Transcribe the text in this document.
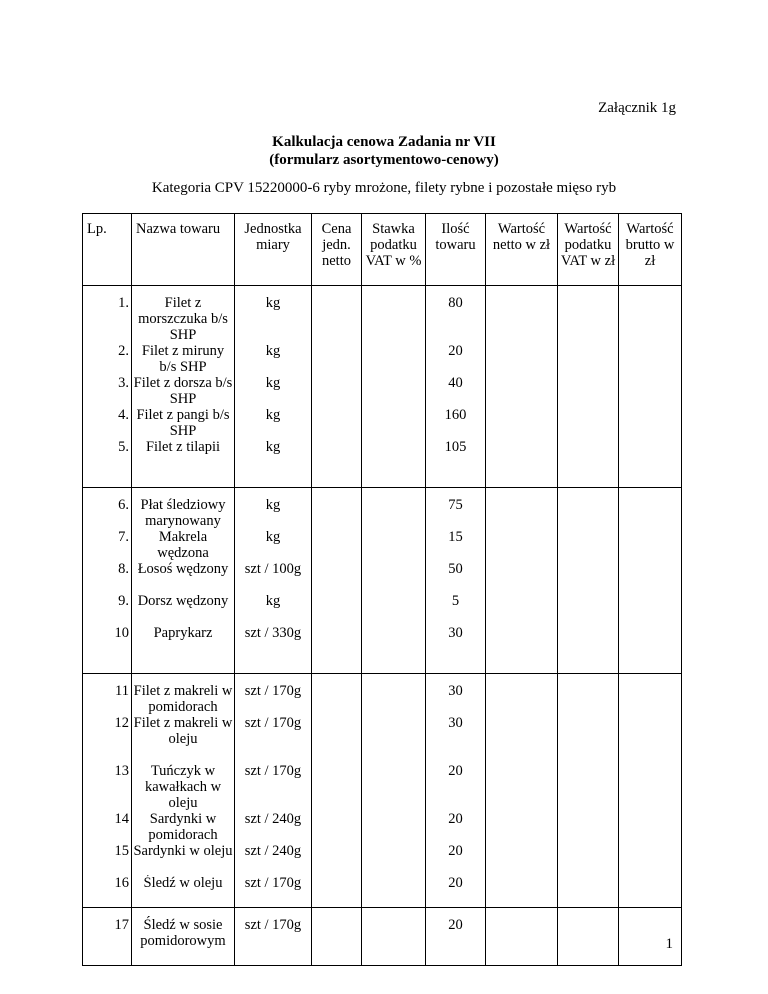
Załącznik 1g
Kalkulacja cenowa Zadania nr VII
(formularz asortymentowo-cenowy)
Kategoria CPV 15220000-6 ryby mrożone, filety rybne i pozostałe mięso ryb
Lp.	Nazwa towaru	Jednostka miary	Cena jedn. netto	Stawka podatku VAT w %	Ilość towaru	Wartość netto w zł	Wartość podatku VAT w zł	Wartość brutto w zł
1.	Filet z morszczuka b/s SHP	kg			80			
2.	Filet z miruny b/s SHP	kg			20			
3.	Filet z dorsza b/s SHP	kg			40			
4.	Filet z pangi b/s SHP	kg			160			
5.	Filet z tilapii	kg			105			
6.	Płat śledziowy marynowany	kg			75			
7.	Makrela wędzona	kg			15			
8.	Łosoś wędzony	szt / 100g			50			
9.	Dorsz wędzony	kg			5			
10	Paprykarz	szt / 330g			30			
11	Filet z makreli w pomidorach	szt / 170g			30			
12	Filet z makreli w oleju	szt / 170g			30			
13	Tuńczyk w kawałkach w oleju	szt / 170g			20			
14	Sardynki w pomidorach	szt / 240g			20			
15	Sardynki w oleju	szt / 240g			20			
16	Śledź w oleju	szt / 170g			20			
17	Śledź w sosie pomidorowym	szt / 170g			20			
1
